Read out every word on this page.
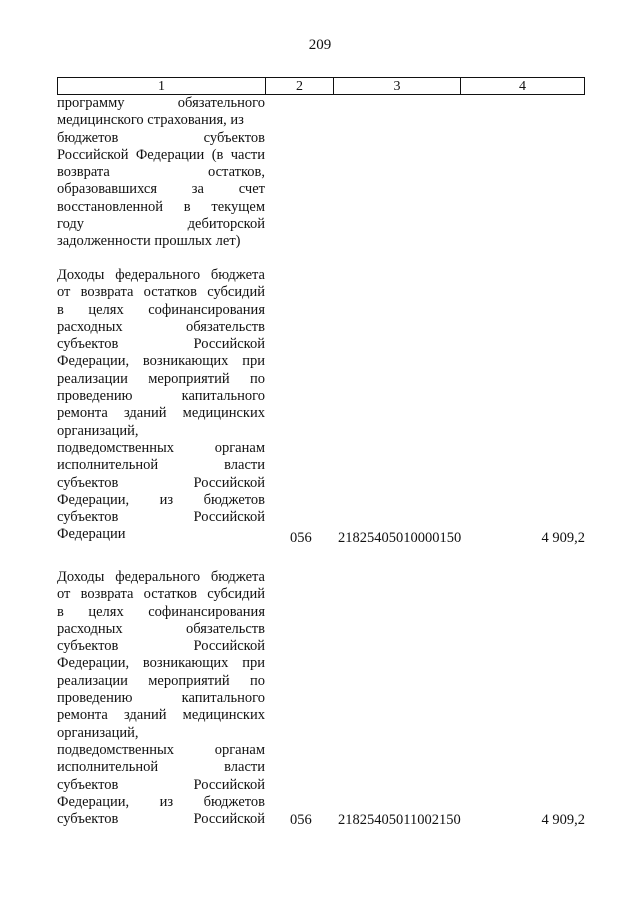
209
1	2	3	4
программу обязательного
медицинского страхования, из
бюджетов субъектов
Российской Федерации (в части
возврата остатков,
образовавшихся за счет
восстановленной в текущем
году дебиторской
задолженности прошлых лет)
Доходы федерального бюджета
от возврата остатков субсидий
в целях софинансирования
расходных обязательств
субъектов Российской
Федерации, возникающих при
реализации мероприятий по
проведению капитального
ремонта зданий медицинских
организаций,
подведомственных органам
исполнительной власти
субъектов Российской
Федерации, из бюджетов
субъектов Российской
Федерации	056	21825405010000150	4 909,2
Доходы федерального бюджета
от возврата остатков субсидий
в целях софинансирования
расходных обязательств
субъектов Российской
Федерации, возникающих при
реализации мероприятий по
проведению капитального
ремонта зданий медицинских
организаций,
подведомственных органам
исполнительной власти
субъектов Российской
Федерации, из бюджетов
субъектов Российской 056	21825405011002150	4 909,2
